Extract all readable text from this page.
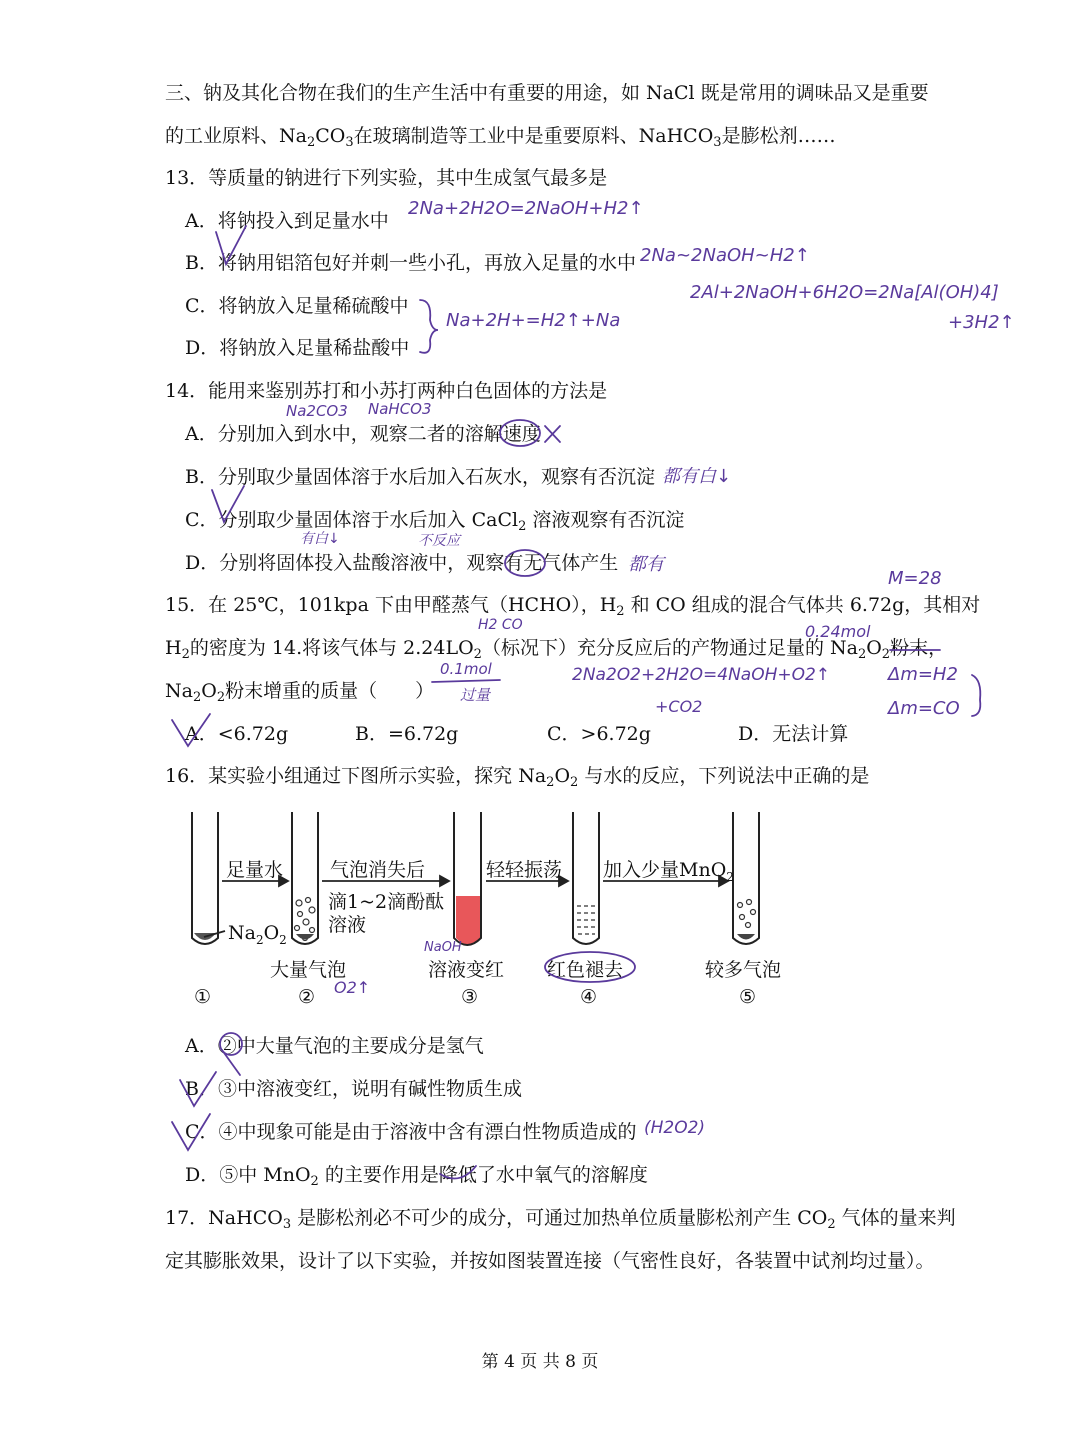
三、钠及其化合物在我们的生产生活中有重要的用途，如 NaCl 既是常用的调味品又是重要
的工业原料、$Na_2CO_3$在玻璃制造等工业中是重要原料、NaHCO$_3$是膨松剂……
13．等质量的钠进行下列实验，其中生成氢气最多是
A．将钠投入到足量水中
B．将钠用铝箔包好并刺一些小孔，再放入足量的水中
C．将钠放入足量稀硫酸中
D．将钠放入足量稀盐酸中
14．能用来鉴别苏打和小苏打两种白色固体的方法是
A．分别加入到水中，观察二者的溶解速度
B．分别取少量固体溶于水后加入石灰水，观察有否沉淀
C．分别取少量固体溶于水后加入 CaCl$_2$ 溶液观察有否沉淀
D．分别将固体投入盐酸溶液中，观察有无气体产生
15．在 25℃，101kpa 下由甲醛蒸气（HCHO），$H_2$ 和 CO 组成的混合气体共 6.72g，其相对
$H_2$的密度为 14.将该气体与 $2.24LO_2$（标况下）充分反应后的产物通过足量的 $Na_2O_2$粉末，
$Na_2O_2$粉末增重的质量（　　）
A．<6.72g	B．=6.72g	C．>6.72g	D．无法计算
16．某实验小组通过下图所示实验，探究 $Na_2O_2$ 与水的反应，下列说法中正确的是
足量水 气泡消失后
滴1~2滴酚酞
溶液
轻轻振荡 加入少量MnO$_2$
$Na_2O_2$
大量气泡	溶液变红 红色褪去	较多气泡
①	②	③	④	⑤
A．②中大量气泡的主要成分是氢气
B．③中溶液变红，说明有碱性物质生成
C．④中现象可能是由于溶液中含有漂白性物质造成的
D．⑤中 MnO$_2$ 的主要作用是降低了水中氧气的溶解度
17．NaHCO$_3$ 是膨松剂必不可少的成分，可通过加热单位质量膨松剂产生 $CO_2$ 气体的量来判
定其膨胀效果，设计了以下实验，并按如图装置连接（气密性良好，各装置中试剂均过量）。
第 4 页 共 8 页
2Na+2H2O=2NaOH+H2↑
2Na~2NaOH~H2↑
2Al+2NaOH+6H2O=2Na[Al(OH)4]
+3H2↑
Na+2H+=H2↑+Na
Na2CO3 NaHCO3
都有白↓
有白↓	不反应
都有
M=28
H2 CO	0.24mol
0.1mol
过量
2Na2O2+2H2O=4NaOH+O2↑
+CO2
Δm=H2
Δm=CO
NaOH
O2↑
(H2O2)
